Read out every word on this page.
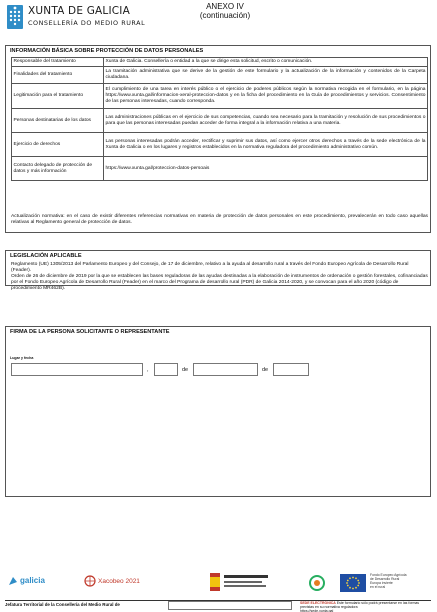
XUNTA DE GALICIA
CONSELLERÍA DO MEDIO RURAL
ANEXO IV
(continuación)
INFORMACIÓN BÁSICA SOBRE PROTECCIÓN DE DATOS PERSONALES
Responsable del tratamiento	Xunta de Galicia. Consellería o entidad a la que se dirige esta solicitud, escrito o comunicación.
Finalidades del tratamiento	La tramitación administrativa que se derive de la gestión de este formulario y la actualización de la información y contenidos de la Carpeta ciudadana.
Legitimación para el tratamiento	El cumplimiento de una tarea en interés público o el ejercicio de poderes públicos según la normativa recogida en el formulario, en la página https://www.xunta.gal/informacion-xeral-proteccion-datos y en la ficha del procedimiento en la Guía de procedimientos y servicios. Consentimiento de las personas interesadas, cuando corresponda.
Personas destinatarias de los datos	Las administraciones públicas en el ejercicio de sus competencias, cuando sea necesario para la tramitación y resolución de sus procedimientos o para que las personas interesadas puedan acceder de forma integral a la información relativa a una materia.
Ejercicio de derechos	Las personas interesadas podrán acceder, rectificar y suprimir sus datos, así como ejercer otros derechos a través de la sede electrónica de la Xunta de Galicia o en los lugares y registros establecidos en la normativa reguladora del procedimiento administrativo común.
Contacto delegado de protección de datos y más información	https://www.xunta.gal/proteccion-datos-persoais
Actualización normativa: en el caso de existir diferentes referencias normativas en materia de protección de datos personales en este procedimiento, prevalecerán en todo caso aquellas relativas al Reglamento general de protección de datos.
LEGISLACIÓN APLICABLE

Reglamento (UE) 1305/2013 del Parlamento Europeo y del Consejo, de 17 de diciembre, relativo a la ayuda al desarrollo rural a través del Fondo Europeo Agrícola de Desarrollo Rural (Feader).

Orden de 26 de diciembre de 2019 por la que se establecen las bases reguladoras de las ayudas destinadas a la elaboración de instrumentos de ordenación o gestión forestales, cofinanciadas por el Fondo Europeo Agrícola de Desarrollo Rural (Feader) en el marco del Programa de desarrollo rural (PDR) de Galicia 2014-2020, y se convocan para el año 2020 (código de procedimiento MR462B).

FIRMA DE LA PERSONA SOLICITANTE O REPRESENTANTE
Lugar y fecha
,	de	de
galicia	Xacobeo 2021
Fondo Europeo Agrícola
de Desarrollo Rural
Europa invierte
en el rural
Jefatura Territorial de la Consellería del Medio Rural de	SEDE ELECTRÓNICA Este formulario sólo podrá presentarse en las formas previstas en su normativa reguladora
https://sede.xunta.gal
